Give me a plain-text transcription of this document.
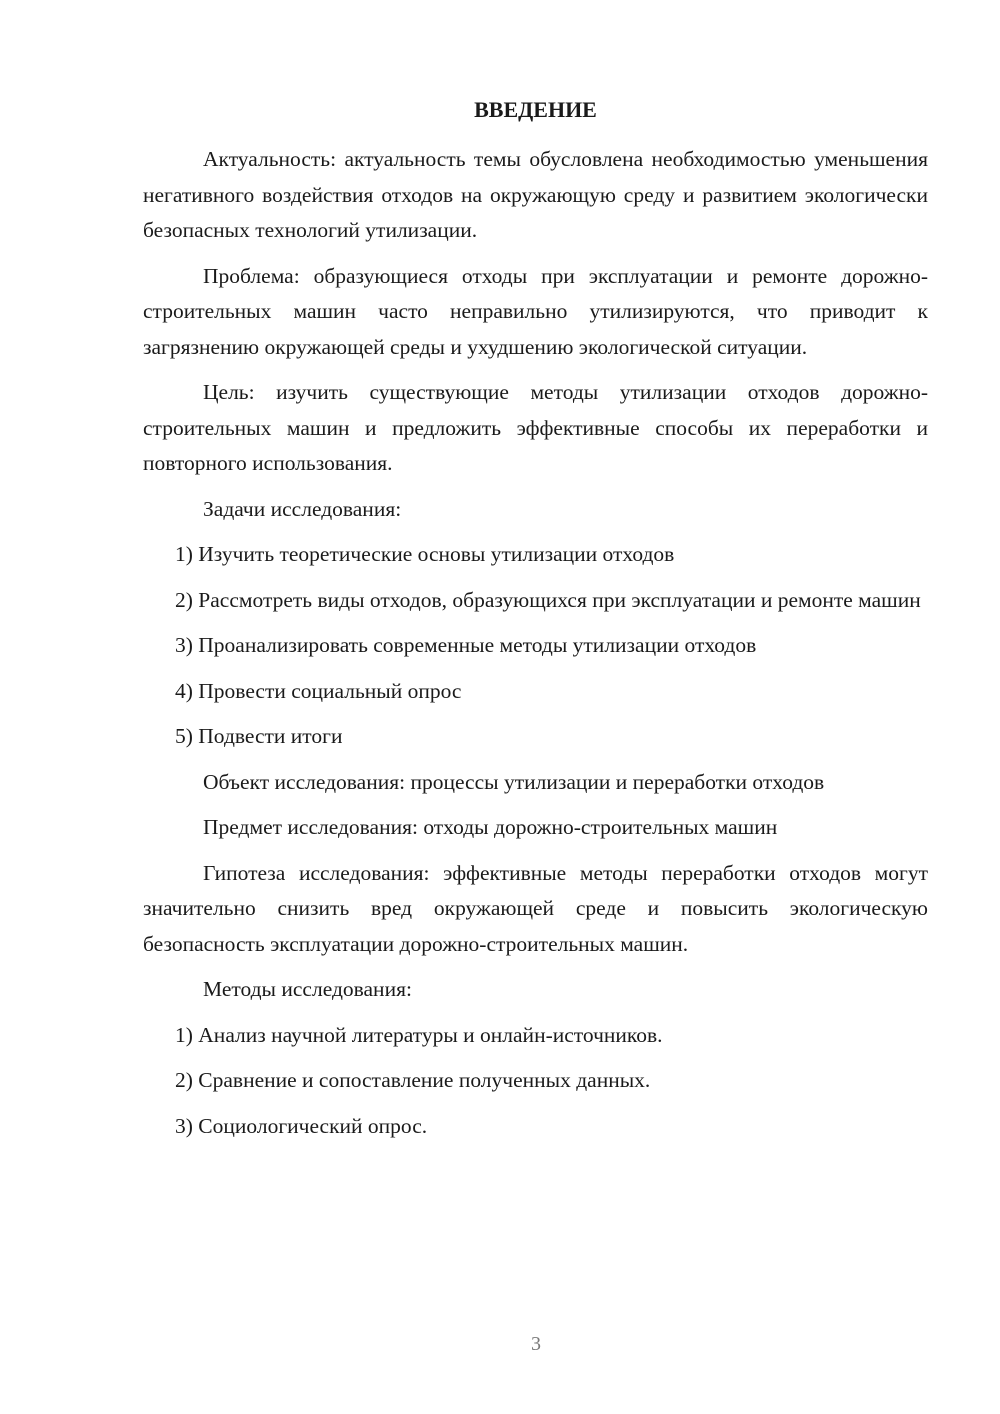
ВВЕДЕНИЕ

Актуальность: актуальность темы обусловлена необходимостью уменьшения негативного воздействия отходов на окружающую среду и развитием экологически безопасных технологий утилизации.

Проблема: образующиеся отходы при эксплуатации и ремонте дорожно-строительных машин часто неправильно утилизируются, что приводит к загрязнению окружающей среды и ухудшению экологической ситуации.

Цель: изучить существующие методы утилизации отходов дорожно-строительных машин и предложить эффективные способы их переработки и повторного использования.

Задачи исследования:

1) Изучить теоретические основы утилизации отходов

2) Рассмотреть виды отходов, образующихся при эксплуатации и ремонте машин

3) Проанализировать современные методы утилизации отходов

4) Провести социальный опрос

5) Подвести итоги

Объект исследования: процессы утилизации и переработки отходов

Предмет исследования: отходы дорожно-строительных машин

Гипотеза исследования: эффективные методы переработки отходов могут значительно снизить вред окружающей среде и повысить экологическую безопасность эксплуатации дорожно-строительных машин.

Методы исследования:

1) Анализ научной литературы и онлайн-источников.

2) Сравнение и сопоставление полученных данных.

3) Социологический опрос.

3
